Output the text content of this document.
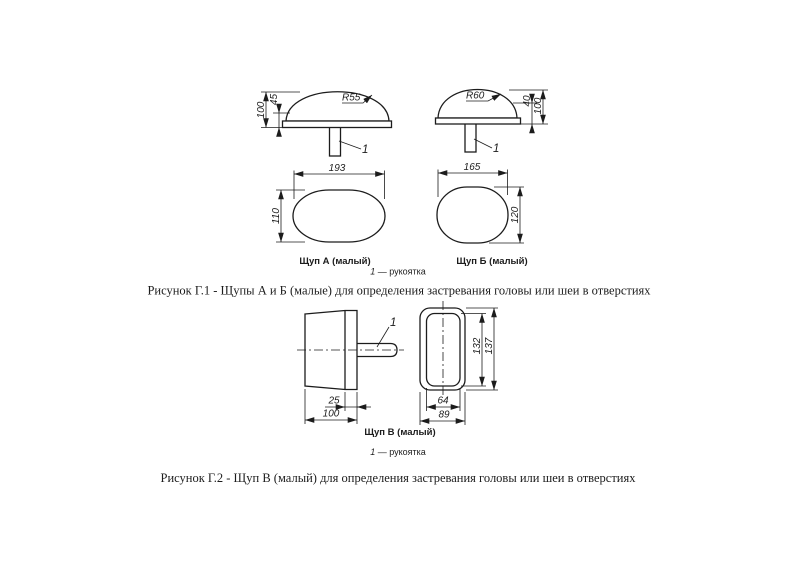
1
R55
100
45
193
110
Щуп А (малый)
1
R60	40 100
165
120
Щуп Б (малый)
1 — рукоятка
Рисунок Г.1 - Щупы А и Б (малые) для определения застревания головы или шеи в отверстиях
1
25
100
132 137
64
89
Щуп В (малый)
1 — рукоятка
Рисунок Г.2 - Щуп В (малый) для определения застревания головы или шеи в отверстиях
